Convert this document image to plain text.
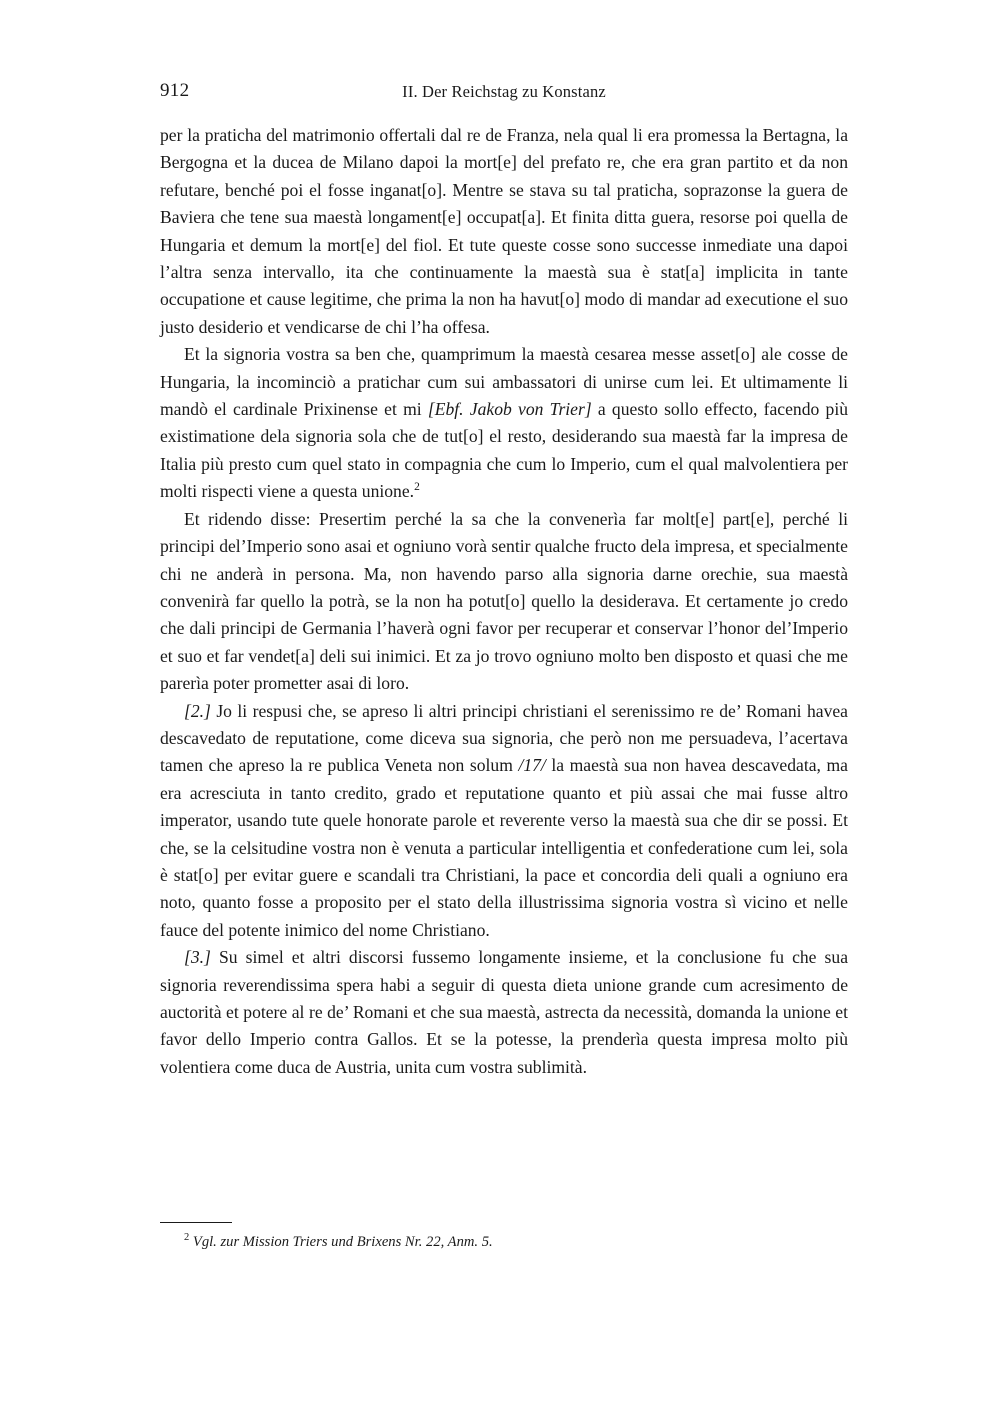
912	II. Der Reichstag zu Konstanz

per la praticha del matrimonio offertali dal re de Franza, nela qual li era promessa la Bertagna, la Bergogna et la ducea de Milano dapoi la mort[e] del prefato re, che era gran partito et da non refutare, benché poi el fosse inganat[o]. Mentre se stava su tal praticha, soprazonse la guera de Baviera che tene sua maestà longament[e] occupat[a]. Et finita ditta guera, resorse poi quella de Hungaria et demum la mort[e] del fiol. Et tute queste cosse sono successe inmediate una dapoi l’altra senza intervallo, ita che continuamente la maestà sua è stat[a] implicita in tante occupatione et cause legitime, che prima la non ha havut[o] modo di mandar ad executione el suo justo desiderio et vendicarse de chi l’ha offesa.

Et la signoria vostra sa ben che, quamprimum la maestà cesarea messe asset[o] ale cosse de Hungaria, la incominciò a pratichar cum sui ambassatori di unirse cum lei. Et ultimamente li mandò el cardinale Prixinense et mi [Ebf. Jakob von Trier] a questo sollo effecto, facendo più existimatione dela signoria sola che de tut[o] el resto, desiderando sua maestà far la impresa de Italia più presto cum quel stato in compagnia che cum lo Imperio, cum el qual malvolentiera per molti rispecti viene a questa unione.$^2$

Et ridendo disse: Presertim perché la sa che la convenerìa far molt[e] part[e], perché li principi del’Imperio sono asai et ogniuno vorà sentir qualche fructo dela impresa, et specialmente chi ne anderà in persona. Ma, non havendo parso alla signoria darne orechie, sua maestà convenirà far quello la potrà, se la non ha potut[o] quello la desiderava. Et certamente jo credo che dali principi de Germania l’haverà ogni favor per recuperar et conservar l’honor del’Imperio et suo et far vendet[a] deli sui inimici. Et za jo trovo ogniuno molto ben disposto et quasi che me parerìa poter prometter asai di loro.

[2.] Jo li respusi che, se apreso li altri principi christiani el serenissimo re de’ Romani havea descavedato de reputatione, come diceva sua signoria, che però non me persuadeva, l’acertava tamen che apreso la re publica Veneta non solum /17/ la maestà sua non havea descavedata, ma era acresciuta in tanto credito, grado et reputatione quanto et più assai che mai fusse altro imperator, usando tute quele honorate parole et reverente verso la maestà sua che dir se possi. Et che, se la celsitudine vostra non è venuta a particular intelligentia et confederatione cum lei, sola è stat[o] per evitar guere e scandali tra Christiani, la pace et concordia deli quali a ogniuno era noto, quanto fosse a proposito per el stato della illustrissima signoria vostra sì vicino et nelle fauce del potente inimico del nome Christiano.

[3.] Su simel et altri discorsi fussemo longamente insieme, et la conclusione fu che sua signoria reverendissima spera habi a seguir di questa dieta unione grande cum acresimento de auctorità et potere al re de’ Romani et che sua maestà, astrecta da necessità, domanda la unione et favor dello Imperio contra Gallos. Et se la potesse, la prenderìa questa impresa molto più volentiera come duca de Austria, unita cum vostra sublimità.

$^2$ Vgl. zur Mission Triers und Brixens Nr. 22, Anm. 5.
